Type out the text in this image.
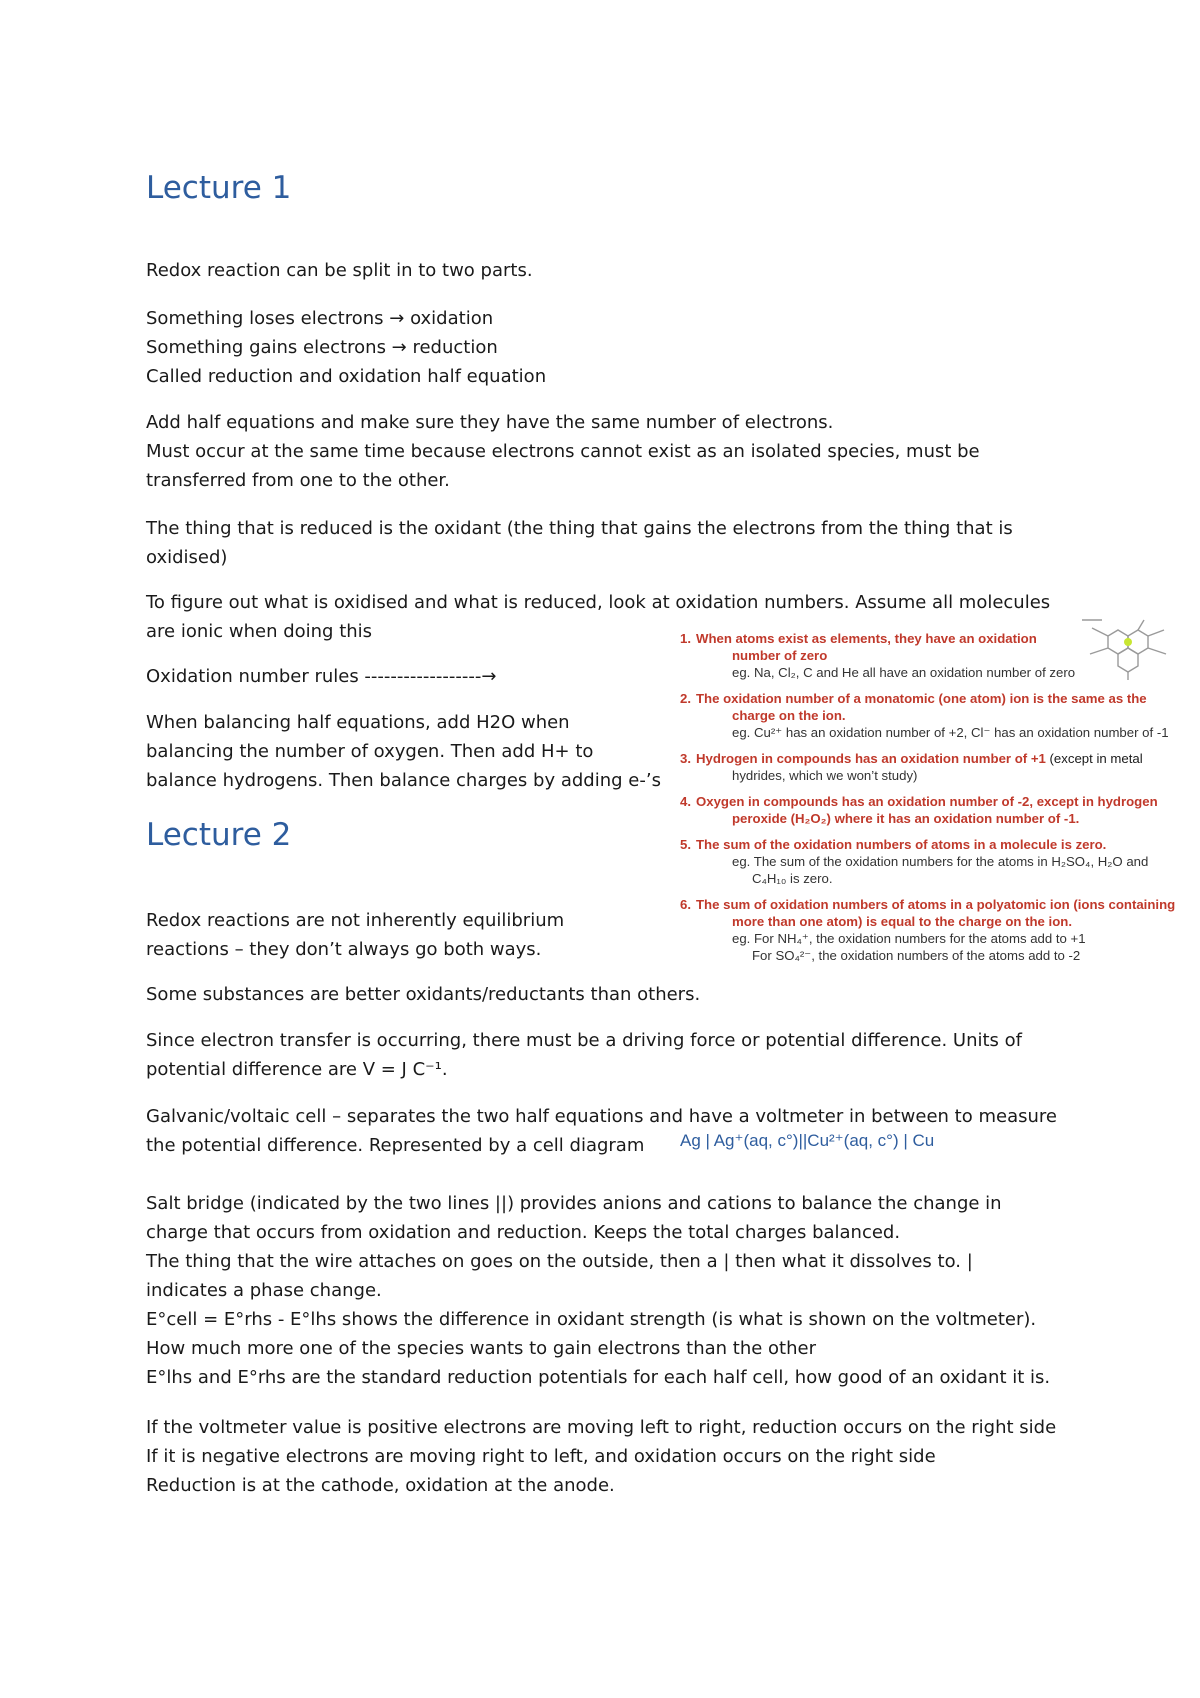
Lecture 1

Redox reaction can be split in to two parts.

Something loses electrons → oxidation
Something gains electrons → reduction
Called reduction and oxidation half equation

Add half equations and make sure they have the same number of electrons.
Must occur at the same time because electrons cannot exist as an isolated species, must be
transferred from one to the other.

The thing that is reduced is the oxidant (the thing that gains the electrons from the thing that is
oxidised)

To figure out what is oxidised and what is reduced, look at oxidation numbers. Assume all molecules
are ionic when doing this

Oxidation number rules ------------------→

When balancing half equations, add H2O when
balancing the number of oxygen. Then add H+ to
balance hydrogens. Then balance charges by adding e-’s

1. When atoms exist as elements, they have an oxidation
number of zero
eg. Na, Cl₂, C and He all have an oxidation number of zero
2. The oxidation number of a monatomic (one atom) ion is the same as the
charge on the ion.
eg. Cu²⁺ has an oxidation number of +2, Cl⁻ has an oxidation number of -1
3. Hydrogen in compounds has an oxidation number of +1 (except in metal
hydrides, which we won’t study)
4. Oxygen in compounds has an oxidation number of -2, except in hydrogen
peroxide (H₂O₂) where it has an oxidation number of -1.
5. The sum of the oxidation numbers of atoms in a molecule is zero.
eg. The sum of the oxidation numbers for the atoms in H₂SO₄, H₂O and
C₄H₁₀ is zero.
6. The sum of oxidation numbers of atoms in a polyatomic ion (ions containing
more than one atom) is equal to the charge on the ion.
eg. For NH₄⁺, the oxidation numbers for the atoms add to +1
For SO₄²⁻, the oxidation numbers of the atoms add to -2
Lecture 2

Redox reactions are not inherently equilibrium
reactions – they don’t always go both ways.

Some substances are better oxidants/reductants than others.

Since electron transfer is occurring, there must be a driving force or potential difference. Units of
potential difference are V = J C⁻¹.

Galvanic/voltaic cell – separates the two half equations and have a voltmeter in between to measure
the potential difference. Represented by a cell diagram	Ag | Ag⁺(aq, c°)||Cu²⁺(aq, c°) | Cu

Salt bridge (indicated by the two lines ||) provides anions and cations to balance the change in
charge that occurs from oxidation and reduction. Keeps the total charges balanced.
The thing that the wire attaches on goes on the outside, then a | then what it dissolves to. |
indicates a phase change.
E°cell = E°rhs - E°lhs shows the difference in oxidant strength (is what is shown on the voltmeter).
How much more one of the species wants to gain electrons than the other
E°lhs and E°rhs are the standard reduction potentials for each half cell, how good of an oxidant it is.

If the voltmeter value is positive electrons are moving left to right, reduction occurs on the right side
If it is negative electrons are moving right to left, and oxidation occurs on the right side
Reduction is at the cathode, oxidation at the anode.
